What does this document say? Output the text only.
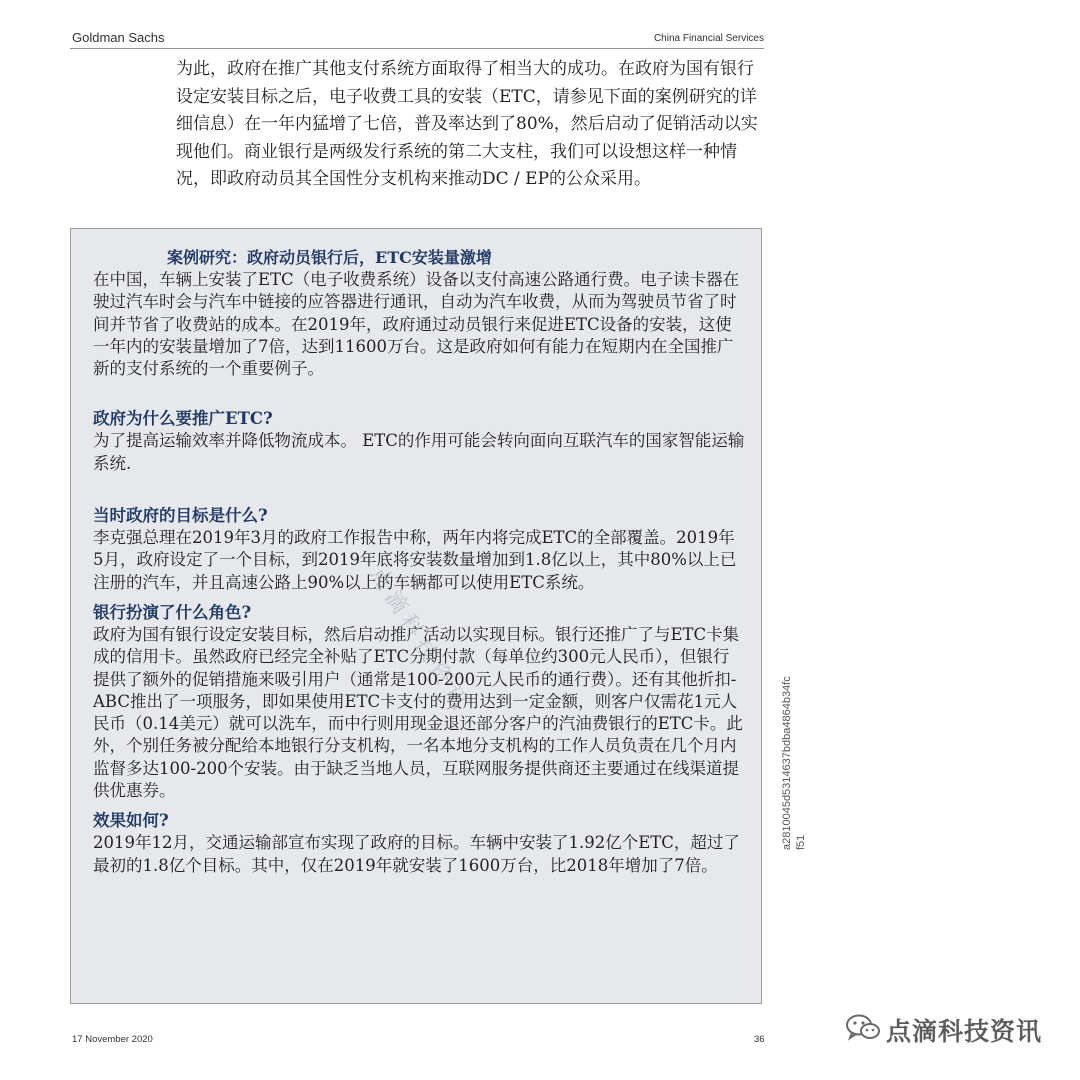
Goldman Sachs	China Financial Services

为此，政府在推广其他支付系统方面取得了相当大的成功。在政府为国有银行设定安装目标之后，电子收费工具的安装（ETC，请参见下面的案例研究的详细信息）在一年内猛增了七倍，普及率达到了80%，然后启动了促销活动以实现他们。商业银行是两级发行系统的第二大支柱，我们可以设想这样一种情况，即政府动员其全国性分支机构来推动DC / EP的公众采用。

案例研究：政府动员银行后，ETC安装量激增

在中国，车辆上安装了ETC（电子收费系统）设备以支付高速公路通行费。电子读卡器在驶过汽车时会与汽车中链接的应答器进行通讯，自动为汽车收费，从而为驾驶员节省了时间并节省了收费站的成本。在2019年，政府通过动员银行来促进ETC设备的安装，这使一年内的安装量增加了7倍，达到11600万台。这是政府如何有能力在短期内在全国推广新的支付系统的一个重要例子。

政府为什么要推广ETC?

为了提高运输效率并降低物流成本。 ETC的作用可能会转向面向互联汽车的国家智能运输系统.

当时政府的目标是什么?

李克强总理在2019年3月的政府工作报告中称，两年内将完成ETC的全部覆盖。2019年5月，政府设定了一个目标，到2019年底将安装数量增加到1.8亿以上，其中80%以上已注册的汽车，并且高速公路上90%以上的车辆都可以使用ETC系统。

银行扮演了什么角色?

政府为国有银行设定安装目标，然后启动推广活动以实现目标。银行还推广了与ETC卡集成的信用卡。虽然政府已经完全补贴了ETC分期付款（每单位约300元人民币），但银行提供了额外的促销措施来吸引用户（通常是100-200元人民币的通行费）。还有其他折扣-ABC推出了一项服务，即如果使用ETC卡支付的费用达到一定金额，则客户仅需花1元人民币（0.14美元）就可以洗车，而中行则用现金退还部分客户的汽油费银行的ETC卡。此外，个别任务被分配给本地银行分支机构，一名本地分支机构的工作人员负责在几个月内监督多达100-200个安装。由于缺乏当地人员，互联网服务提供商还主要通过在线渠道提供优惠券。

效果如何?

2019年12月，交通运输部宣布实现了政府的目标。车辆中安装了1.92亿个ETC，超过了最初的1.8亿个目标。其中，仅在2019年就安装了1600万台，比2018年增加了7倍。

点滴科技资讯
a2810045d5314637bdba4864b34fc f51
17 November 2020	36	点滴科技资讯
